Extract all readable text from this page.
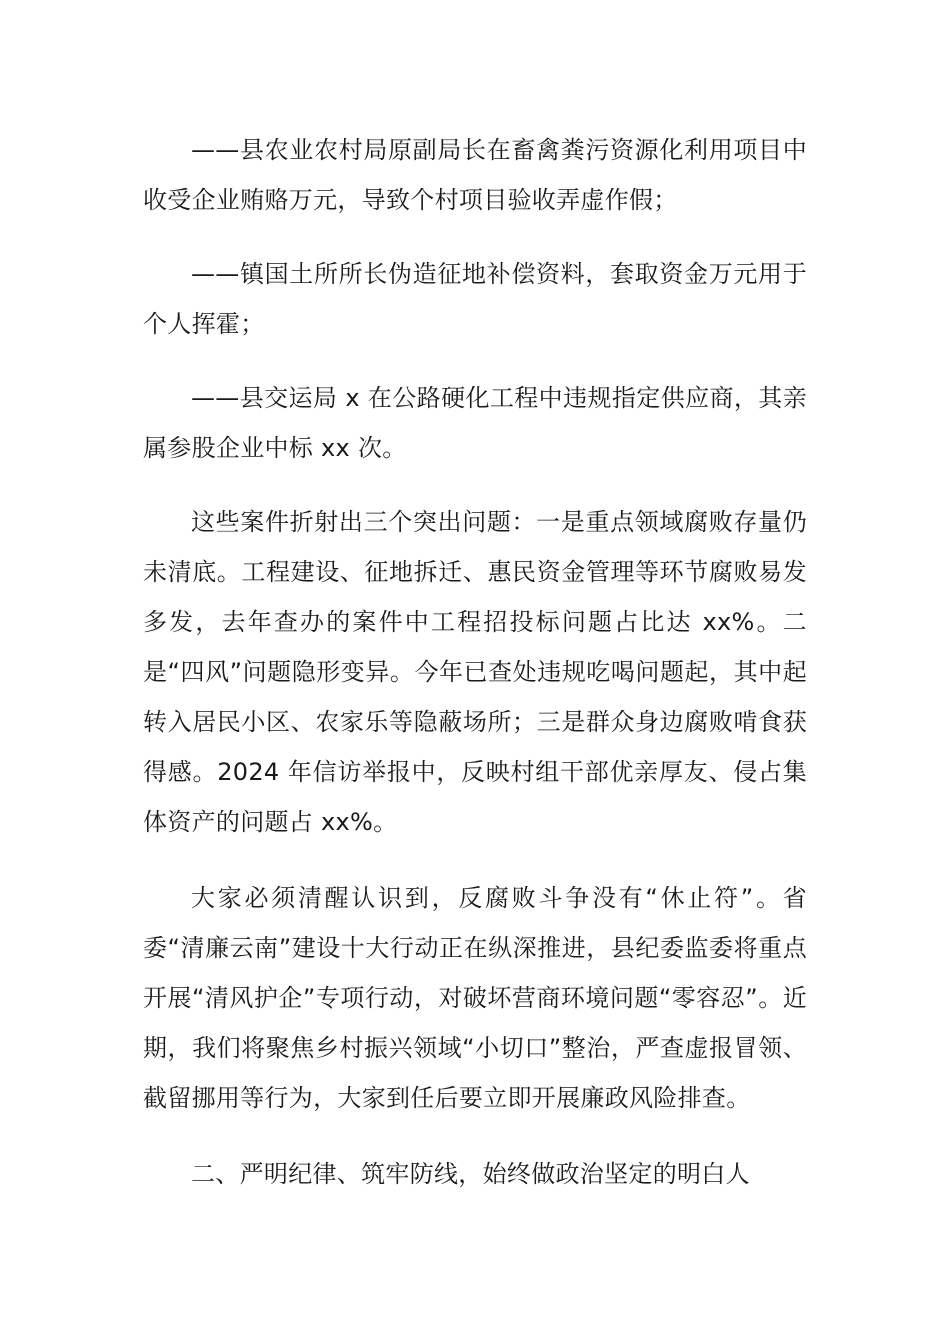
——县农业农村局原副局长在畜禽粪污资源化利用项目中收受企业贿赂万元，导致个村项目验收弄虚作假；

——镇国土所所长伪造征地补偿资料，套取资金万元用于个人挥霍；

——县交运局 x 在公路硬化工程中违规指定供应商，其亲属参股企业中标 xx 次。

这些案件折射出三个突出问题：一是重点领域腐败存量仍未清底。工程建设、征地拆迁、惠民资金管理等环节腐败易发多发，去年查办的案件中工程招投标问题占比达 xx%。二是“四风”问题隐形变异。今年已查处违规吃喝问题起，其中起转入居民小区、农家乐等隐蔽场所；三是群众身边腐败啃食获得感。2024 年信访举报中，反映村组干部优亲厚友、侵占集体资产的问题占 xx%。

大家必须清醒认识到，反腐败斗争没有“休止符”。省委“清廉云南”建设十大行动正在纵深推进，县纪委监委将重点开展“清风护企”专项行动，对破坏营商环境问题“零容忍”。近期，我们将聚焦乡村振兴领域“小切口”整治，严查虚报冒领、截留挪用等行为，大家到任后要立即开展廉政风险排查。

二、严明纪律、筑牢防线，始终做政治坚定的明白人
